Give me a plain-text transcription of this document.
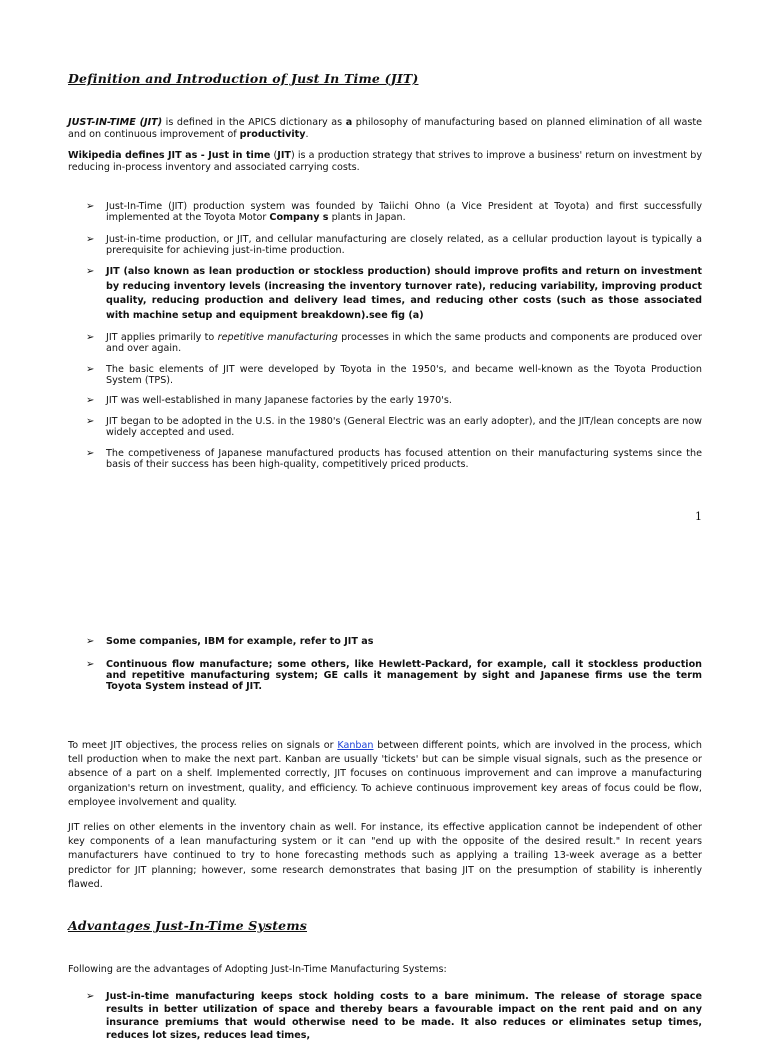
Definition and Introduction of Just In Time (JIT)
JUST-IN-TIME (JIT) is defined in the APICS dictionary as a philosophy of manufacturing based on planned elimination of all waste and on continuous improvement of productivity.
Wikipedia defines JIT as - Just in time (JIT) is a production strategy that strives to improve a business' return on investment by reducing in-process inventory and associated carrying costs.
➢ Just-In-Time (JIT) production system was founded by Taiichi Ohno (a Vice President at Toyota) and first successfully implemented at the Toyota Motor Company s plants in Japan.
➢ Just-in-time production, or JIT, and cellular manufacturing are closely related, as a cellular production layout is typically a prerequisite for achieving just-in-time production.
➢ JIT (also known as lean production or stockless production) should improve profits and return on investment by reducing inventory levels (increasing the inventory turnover rate), reducing variability, improving product quality, reducing production and delivery lead times, and reducing other costs (such as those associated with machine setup and equipment breakdown).see fig (a)
➢ JIT applies primarily to repetitive manufacturing processes in which the same products and components are produced over and over again.
➢ The basic elements of JIT were developed by Toyota in the 1950's, and became well-known as the Toyota Production System (TPS).
➢ JIT was well-established in many Japanese factories by the early 1970's.
➢ JIT began to be adopted in the U.S. in the 1980's (General Electric was an early adopter), and the JIT/lean concepts are now widely accepted and used.
➢ The competiveness of Japanese manufactured products has focused attention on their manufacturing systems since the basis of their success has been high-quality, competitively priced products.
1
➢ Some companies, IBM for example, refer to JIT as
➢ Continuous flow manufacture; some others, like Hewlett-Packard, for example, call it stockless production and repetitive manufacturing system; GE calls it management by sight and Japanese firms use the term Toyota System instead of JIT.
To meet JIT objectives, the process relies on signals or Kanban between different points, which are involved in the process, which tell production when to make the next part. Kanban are usually 'tickets' but can be simple visual signals, such as the presence or absence of a part on a shelf. Implemented correctly, JIT focuses on continuous improvement and can improve a manufacturing organization's return on investment, quality, and efficiency. To achieve continuous improvement key areas of focus could be flow, employee involvement and quality.
JIT relies on other elements in the inventory chain as well. For instance, its effective application cannot be independent of other key components of a lean manufacturing system or it can "end up with the opposite of the desired result." In recent years manufacturers have continued to try to hone forecasting methods such as applying a trailing 13-week average as a better predictor for JIT planning; however, some research demonstrates that basing JIT on the presumption of stability is inherently flawed.
Advantages Just-In-Time Systems
Following are the advantages of Adopting Just-In-Time Manufacturing Systems:
➢ Just-in-time manufacturing keeps stock holding costs to a bare minimum. The release of storage space results in better utilization of space and thereby bears a favourable impact on the rent paid and on any insurance premiums that would otherwise need to be made. It also reduces or eliminates setup times, reduces lot sizes, reduces lead times,
